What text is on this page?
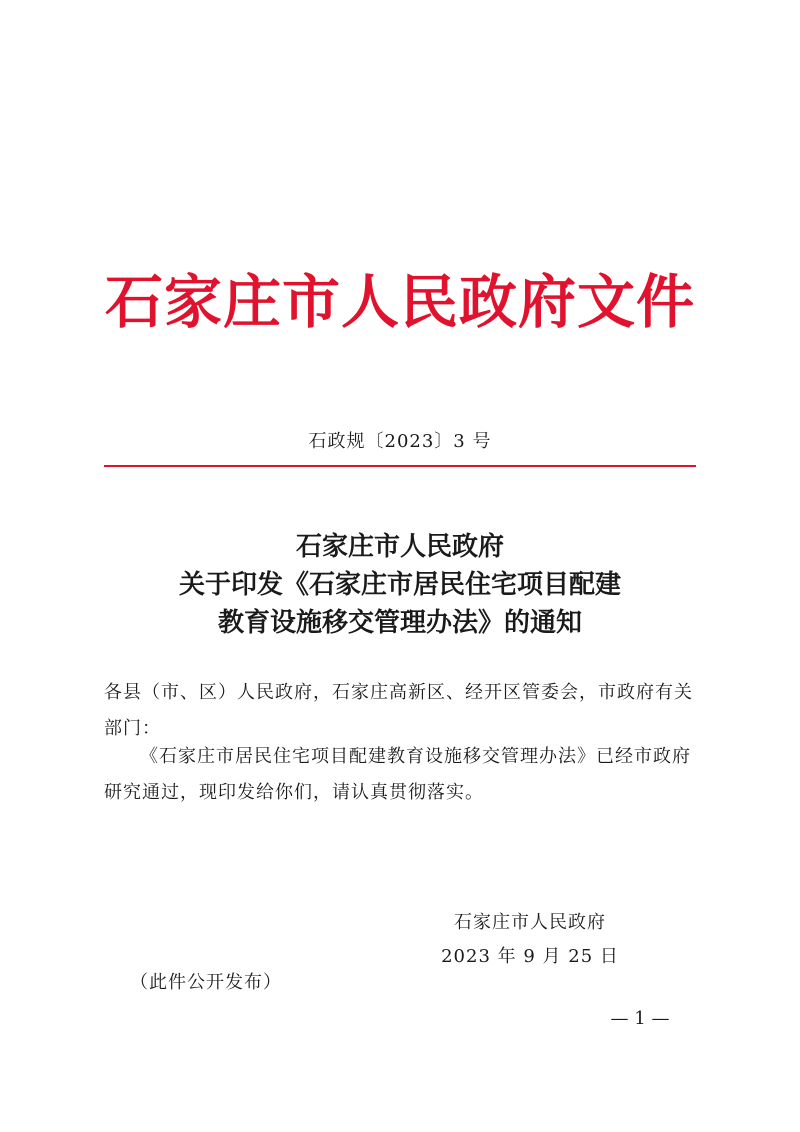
石家庄市人民政府文件
石政规〔2023〕3 号
石家庄市人民政府
关于印发《石家庄市居民住宅项目配建
教育设施移交管理办法》的通知
各县（市、区）人民政府，石家庄高新区、经开区管委会，市政府有关部门：
《石家庄市居民住宅项目配建教育设施移交管理办法》已经市政府研究通过，现印发给你们，请认真贯彻落实。
石家庄市人民政府
2023 年 9 月 25 日
（此件公开发布）
— 1 —
